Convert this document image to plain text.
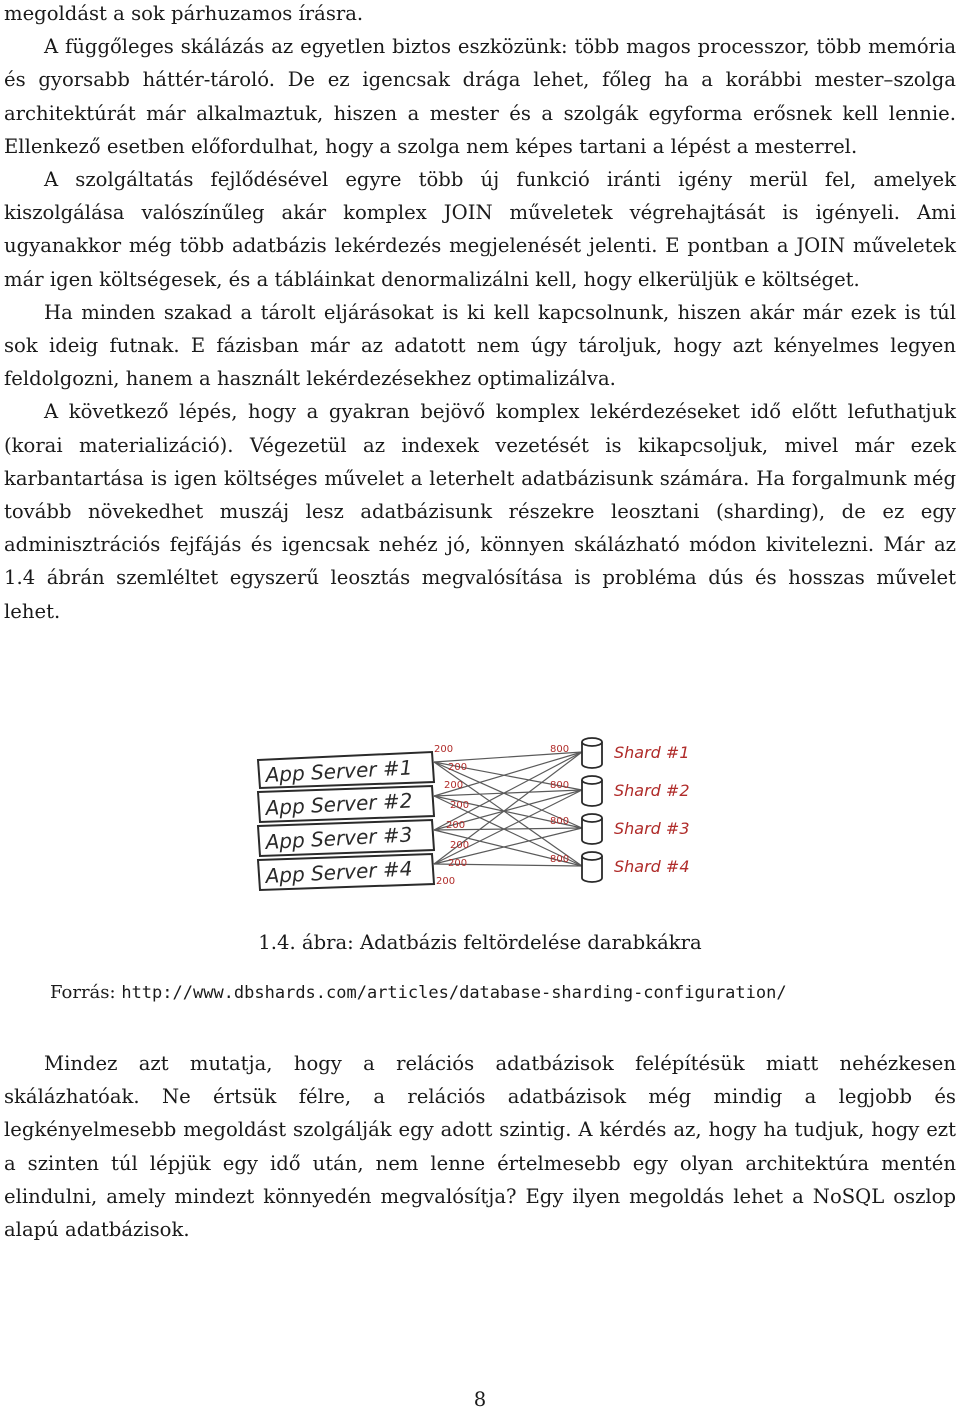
megoldást a sok párhuzamos írásra.

A függőleges skálázás az egyetlen biztos eszközünk: több magos processzor, több memória és gyorsabb háttér-tároló. De ez igencsak drága lehet, főleg ha a korábbi mester–szolga architektúrát már alkalmaztuk, hiszen a mester és a szolgák egyforma erősnek kell lennie. Ellenkező esetben előfordulhat, hogy a szolga nem képes tartani a lépést a mesterrel.

A szolgáltatás fejlődésével egyre több új funkció iránti igény merül fel, amelyek kiszolgálása valószínűleg akár komplex JOIN műveletek végrehajtását is igényeli. Ami ugyanakkor még több adatbázis lekérdezés megjelenését jelenti. E pontban a JOIN műveletek már igen költségesek, és a tábláinkat denormalizálni kell, hogy elkerüljük e költséget.

Ha minden szakad a tárolt eljárásokat is ki kell kapcsolnunk, hiszen akár már ezek is túl sok ideig futnak. E fázisban már az adatott nem úgy tároljuk, hogy azt kényelmes legyen feldolgozni, hanem a használt lekérdezésekhez optimalizálva.

A következő lépés, hogy a gyakran bejövő komplex lekérdezéseket idő előtt lefuthatjuk (korai materializáció). Végezetül az indexek vezetését is kikapcsoljuk, mivel már ezek karbantartása is igen költséges művelet a leterhelt adatbázisunk számára. Ha forgalmunk még tovább növekedhet muszáj lesz adatbázisunk részekre leosztani (sharding), de ez egy adminisztrációs fejfájás és igencsak nehéz jó, könnyen skálázható módon kivitelezni. Már az 1.4 ábrán szemléltet egyszerű leosztás megvalósítása is probléma dús és hosszas művelet lehet.

App Server #1
App Server #2
App Server #3
App Server #4
200
200
200
200
200
200
200
200
800
800
800
800
Shard #1
Shard #2
Shard #3
Shard #4

1.4. ábra: Adatbázis feltördelése darabkákra

Forrás: http://www.dbshards.com/articles/database-sharding-configuration/

Mindez azt mutatja, hogy a relációs adatbázisok felépítésük miatt nehézkesen skálázhatóak. Ne értsük félre, a relációs adatbázisok még mindig a legjobb és legkényelmesebb megoldást szolgálják egy adott szintig. A kérdés az, hogy ha tudjuk, hogy ezt a szinten túl lépjük egy idő után, nem lenne értelmesebb egy olyan architektúra mentén elindulni, amely mindezt könnyedén megvalósítja? Egy ilyen megoldás lehet a NoSQL oszlop alapú adatbázisok.

8
